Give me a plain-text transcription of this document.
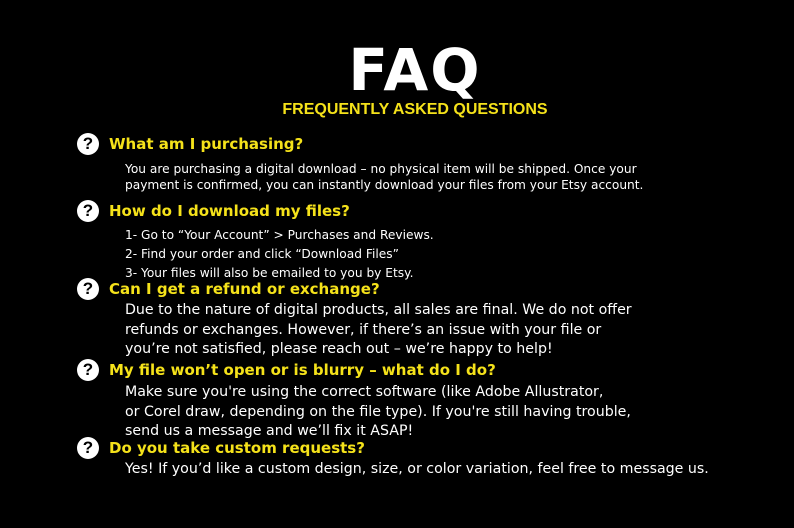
FAQ
FREQUENTLY ASKED QUESTIONS
?	What am I purchasing?
You are purchasing a digital download – no physical item will be shipped. Once your
payment is confirmed, you can instantly download your files from your Etsy account.
?	How do I download my files?
1- Go to “Your Account” > Purchases and Reviews.
2- Find your order and click “Download Files”
3- Your files will also be emailed to you by Etsy.
?	Can I get a refund or exchange?
Due to the nature of digital products, all sales are final. We do not offer
refunds or exchanges. However, if there’s an issue with your file or
you’re not satisfied, please reach out – we’re happy to help!
?	My file won’t open or is blurry – what do I do?
Make sure you're using the correct software (like Adobe Allustrator,
or Corel draw, depending on the file type). If you're still having trouble,
send us a message and we’ll fix it ASAP!
?	Do you take custom requests?
Yes! If you’d like a custom design, size, or color variation, feel free to message us.
